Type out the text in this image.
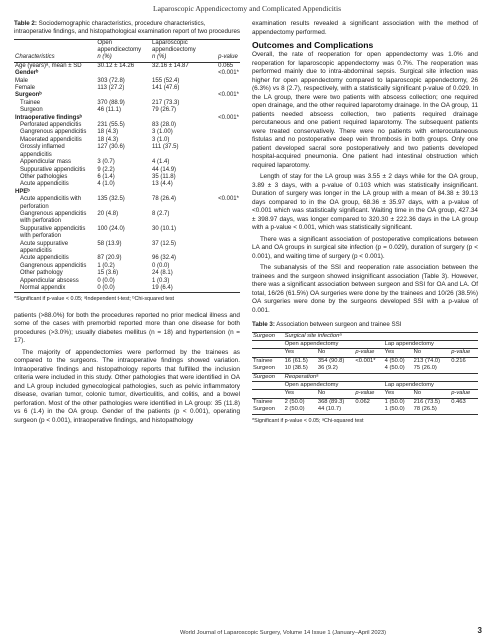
Laparoscopic Appendicectomy and Complicated Appendicitis
Table 2: Sociodemographic characteristics, procedure characteristics, intraoperative findings, and histopathological examination report of two procedures
	Open appendicectomy	Laparoscopic appendicectomy	
Characteristics	n (%)	n (%)	p-value
Age (years)ᵃ, mean ± SD	30.12 ± 14.26	32.16 ± 14.87	0.065
Genderᵇ			<0.001*
Male	303 (72.8)	155 (52.4)	
Female	113 (27.2)	141 (47.6)	
Surgeonᵇ			<0.001*
Trainee	370 (88.9)	217 (73.3)	
Surgeon	46 (11.1)	79 (26.7)	
Intraoperative findingsᵇ			<0.001*
Perforated appendicitis	231 (55.5)	83 (28.0)	
Gangrenous appendicitis	18 (4.3)	3 (1.00)	
Macerated appendicitis	18 (4.3)	3 (1.0)	
Grossly inflamed appendicitis	127 (30.6)	111 (37.5)	
Appendicular mass	3 (0.7)	4 (1.4)	
Suppurative appendicitis	9 (2.2)	44 (14.9)	
Other pathologies	6 (1.4)	35 (11.8)	
Acute appendicitis	4 (1.0)	13 (4.4)	
HPEᵇ			
Acute appendicitis with perforation	135 (32.5)	78 (26.4)	<0.001*
Gangrenous appendicitis with perforation	20 (4.8)	8 (2.7)	
Suppurative appendicitis with perforation	100 (24.0)	30 (10.1)	
Acute suppurative appendicitis	58 (13.9)	37 (12.5)	
Acute appendicitis	87 (20.9)	96 (32.4)	
Gangrenous appendicitis	1 (0.2)	0 (0.0)	
Other pathology	15 (3.6)	24 (8.1)	
Appendicular abscess	0 (0.0)	1 (0.3)	
Normal appendix	0 (0.0)	19 (6.4)	
*Significant if p-value < 0.05; ᵃIndependent t-test; ᵇChi-squared test

patients (>88.0%) for both the procedures reported no prior medical illness and some of the cases with premorbid reported more than one disease for both procedures (>3.0%); usually diabetes mellitus (n = 18) and hypertension (n = 17).

The majority of appendectomies were performed by the trainees as compared to the surgeons. The intraoperative findings showed variation. Intraoperative findings and histopathology reports that fulfilled the inclusion criteria were included in this study. Other pathologies that were identified in OA and LA group included gynecological pathologies, such as pelvic inflammatory disease, ovarian tumor, colonic tumor, diverticulitis, and colitis, and a bowel perforation. Most of the other pathologies were identified in LA group: 35 (11.8) vs 6 (1.4) in the OA group. Gender of the patients (p < 0.001), operating surgeon (p < 0.001), intraoperative findings, and histopathology

examination results revealed a significant association with the method of appendectomy performed.

Outcomes and Complications

Overall, the rate of reoperation for open appendectomy was 1.0% and reoperation for laparoscopic appendectomy was 0.7%. The reoperation was performed mainly due to intra-abdominal sepsis. Surgical site infection was higher for open appendectomy compared to laparoscopic appendectomy, 26 (6.3%) vs 8 (2.7), respectively, with a statistically significant p-value of 0.029. In the LA group, there were two patients with abscess collection; one required open drainage, and the other required laparotomy drainage. In the OA group, 11 patients needed abscess collection, two patients required drainage percutaneous and one patient required laparotomy. The subsequent patients were treated conservatively. There were no patients with enterocutaneous fistulas and no postoperative deep vein thrombosis in both groups. Only one patient developed sacral sore postoperatively and two patients developed hospital-acquired pneumonia. One patient had intestinal obstruction which required laparotomy.

Length of stay for the LA group was 3.55 ± 2 days while for the OA group, 3.89 ± 3 days, with a p-value of 0.103 which was statistically insignificant. Duration of surgery was longer in the LA group with a mean of 84.38 ± 39.13 days compared to in the OA group, 68.36 ± 35.97 days, with a p-value of <0.001 which was statistically significant. Waiting time in the OA group, 427.34 ± 398.97 days, was longer compared to 320.30 ± 222.36 days in the LA group with a p-value < 0.001, which was statistically significant.

There was a significant association of postoperative complications between LA and OA groups in surgical site infection (p = 0.029), duration of surgery (p < 0.001), and waiting time of surgery (p < 0.001).

The subanalysis of the SSI and reoperation rate association between the trainees and the surgeon showed insignificant association (Table 3). However, there was a significant association between surgeon and SSI for OA and LA. Of total, 16/26 (61.5%) OA surgeries were done by the trainees and 10/26 (38.5%) OA surgeries were done by the surgeons developed SSI with a p-value of 0.001.

Table 3: Association between surgeon and trainee SSI
Surgeon	Surgical site infectionᵃ					
	Open appendectomy			Lap appendectomy		
	Yes	No	p-value	Yes	No	p-value
Trainee	16 (61.5)	354 (90.8)	<0.001*	4 (50.0)	213 (74.0)	0.216
Surgeon	10 (38.5)	36 (9.2)		4 (50.0)	75 (26.0)	
Surgeon	Reoperationᵃ					
	Open appendectomy			Lap appendectomy		
	Yes	No	p-value	Yes	No	p-value
Trainee	2 (50.0)	368 (89.3)	0.062	1 (50.0)	216 (73.5)	0.463
Surgeon	2 (50.0)	44 (10.7)		1 (50.0)	78 (26.5)	
*Significant if p-value < 0.05; ᵃChi-squared test
World Journal of Laparoscopic Surgery, Volume 14 Issue 1 (January–April 2023)	3
